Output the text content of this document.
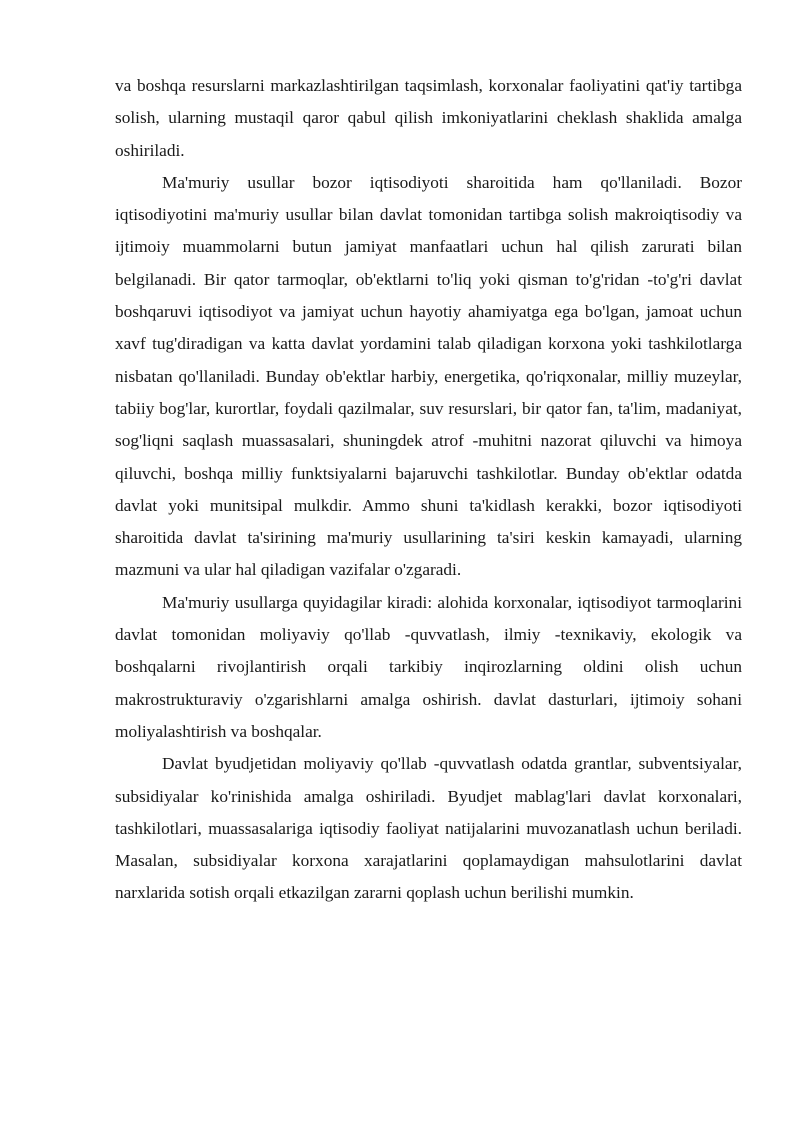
va boshqa resurslarni markazlashtirilgan taqsimlash, korxonalar faoliyatini qat'iy tartibga solish, ularning mustaqil qaror qabul qilish imkoniyatlarini cheklash shaklida amalga oshiriladi.

Ma'muriy usullar bozor iqtisodiyoti sharoitida ham qo'llaniladi. Bozor iqtisodiyotini ma'muriy usullar bilan davlat tomonidan tartibga solish makroiqtisodiy va ijtimoiy muammolarni butun jamiyat manfaatlari uchun hal qilish zarurati bilan belgilanadi. Bir qator tarmoqlar, ob'ektlarni to'liq yoki qisman to'g'ridan -to'g'ri davlat boshqaruvi iqtisodiyot va jamiyat uchun hayotiy ahamiyatga ega bo'lgan, jamoat uchun xavf tug'diradigan va katta davlat yordamini talab qiladigan korxona yoki tashkilotlarga nisbatan qo'llaniladi. Bunday ob'ektlar harbiy, energetika, qo'riqxonalar, milliy muzeylar, tabiiy bog'lar, kurortlar, foydali qazilmalar, suv resurslari, bir qator fan, ta'lim, madaniyat, sog'liqni saqlash muassasalari, shuningdek atrof -muhitni nazorat qiluvchi va himoya qiluvchi, boshqa milliy funktsiyalarni bajaruvchi tashkilotlar. Bunday ob'ektlar odatda davlat yoki munitsipal mulkdir. Ammo shuni ta'kidlash kerakki, bozor iqtisodiyoti sharoitida davlat ta'sirining ma'muriy usullarining ta'siri keskin kamayadi, ularning mazmuni va ular hal qiladigan vazifalar o'zgaradi.

Ma'muriy usullarga quyidagilar kiradi: alohida korxonalar, iqtisodiyot tarmoqlarini davlat tomonidan moliyaviy qo'llab -quvvatlash, ilmiy -texnikaviy, ekologik va boshqalarni rivojlantirish orqali tarkibiy inqirozlarning oldini olish uchun makrostrukturaviy o'zgarishlarni amalga oshirish. davlat dasturlari, ijtimoiy sohani moliyalashtirish va boshqalar.

Davlat byudjetidan moliyaviy qo'llab -quvvatlash odatda grantlar, subventsiyalar, subsidiyalar ko'rinishida amalga oshiriladi. Byudjet mablag'lari davlat korxonalari, tashkilotlari, muassasalariga iqtisodiy faoliyat natijalarini muvozanatlash uchun beriladi. Masalan, subsidiyalar korxona xarajatlarini qoplamaydigan mahsulotlarini davlat narxlarida sotish orqali etkazilgan zararni qoplash uchun berilishi mumkin.
